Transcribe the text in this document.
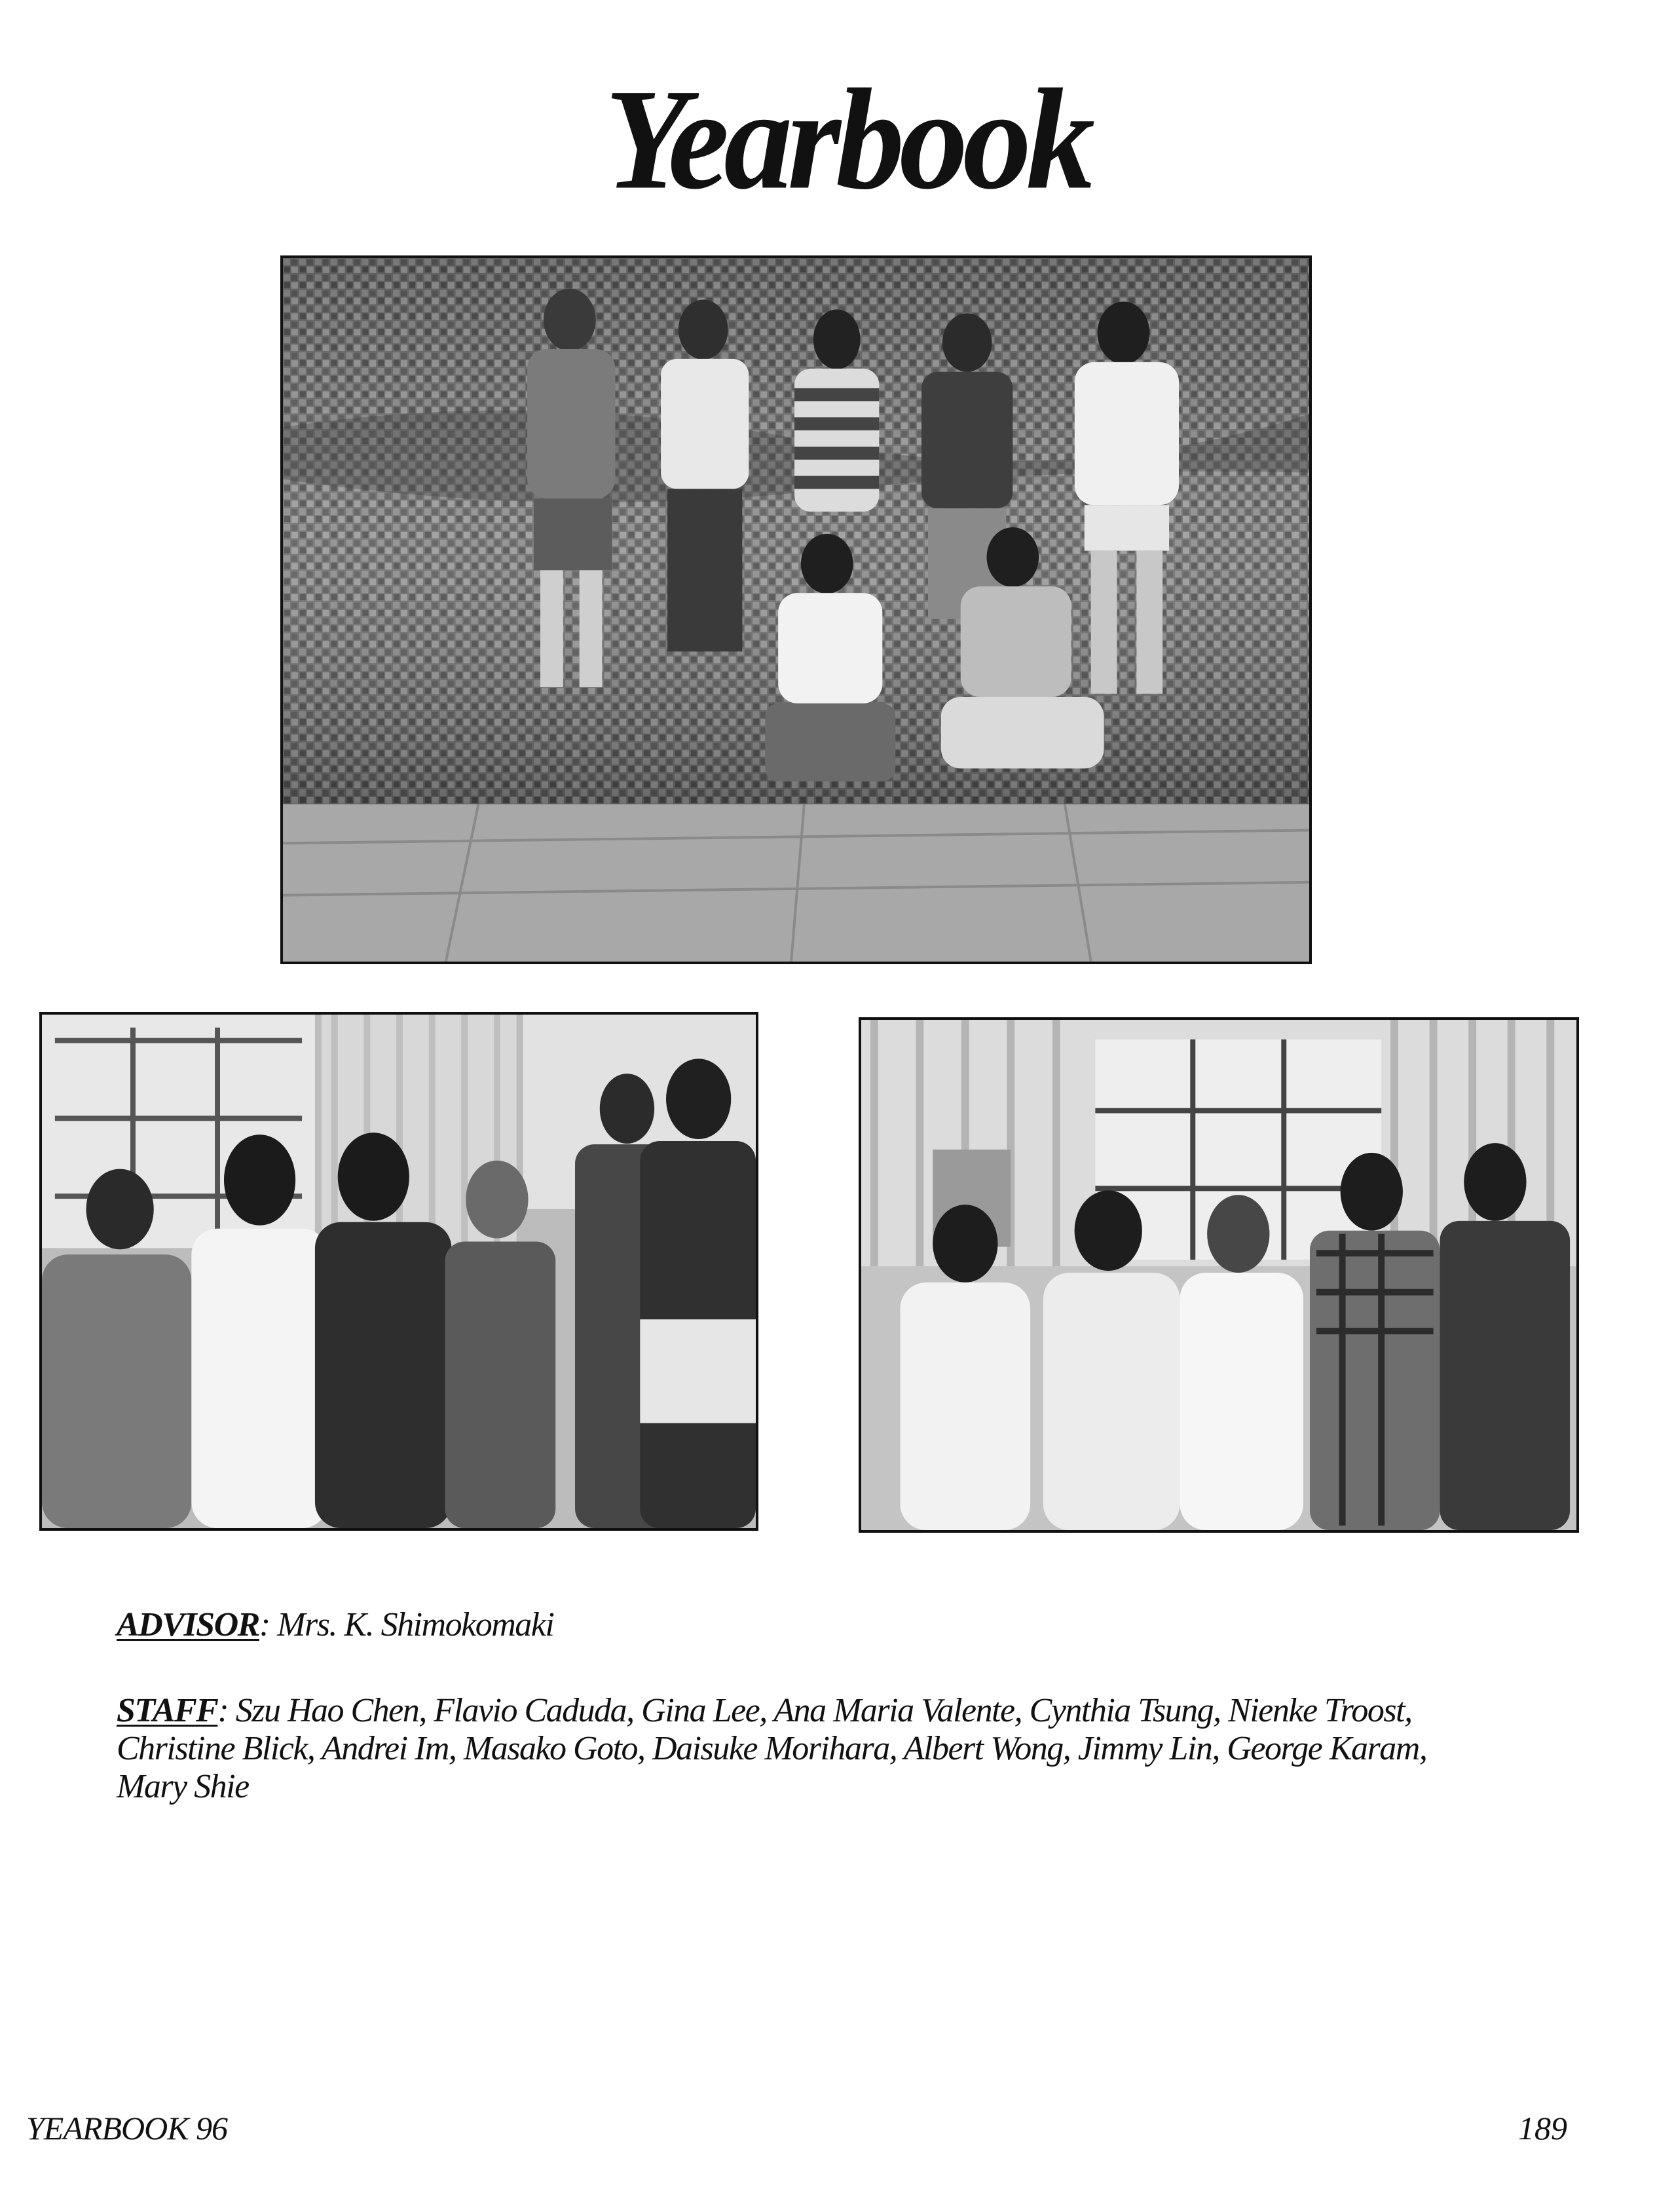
Yearbook
ADVISOR: Mrs. K. Shimokomaki
STAFF: Szu Hao Chen, Flavio Caduda, Gina Lee, Ana Maria Valente, Cynthia Tsung, Nienke Troost, Christine Blick, Andrei Im, Masako Goto, Daisuke Morihara, Albert Wong, Jimmy Lin, George Karam, Mary Shie
YEARBOOK 96	189
